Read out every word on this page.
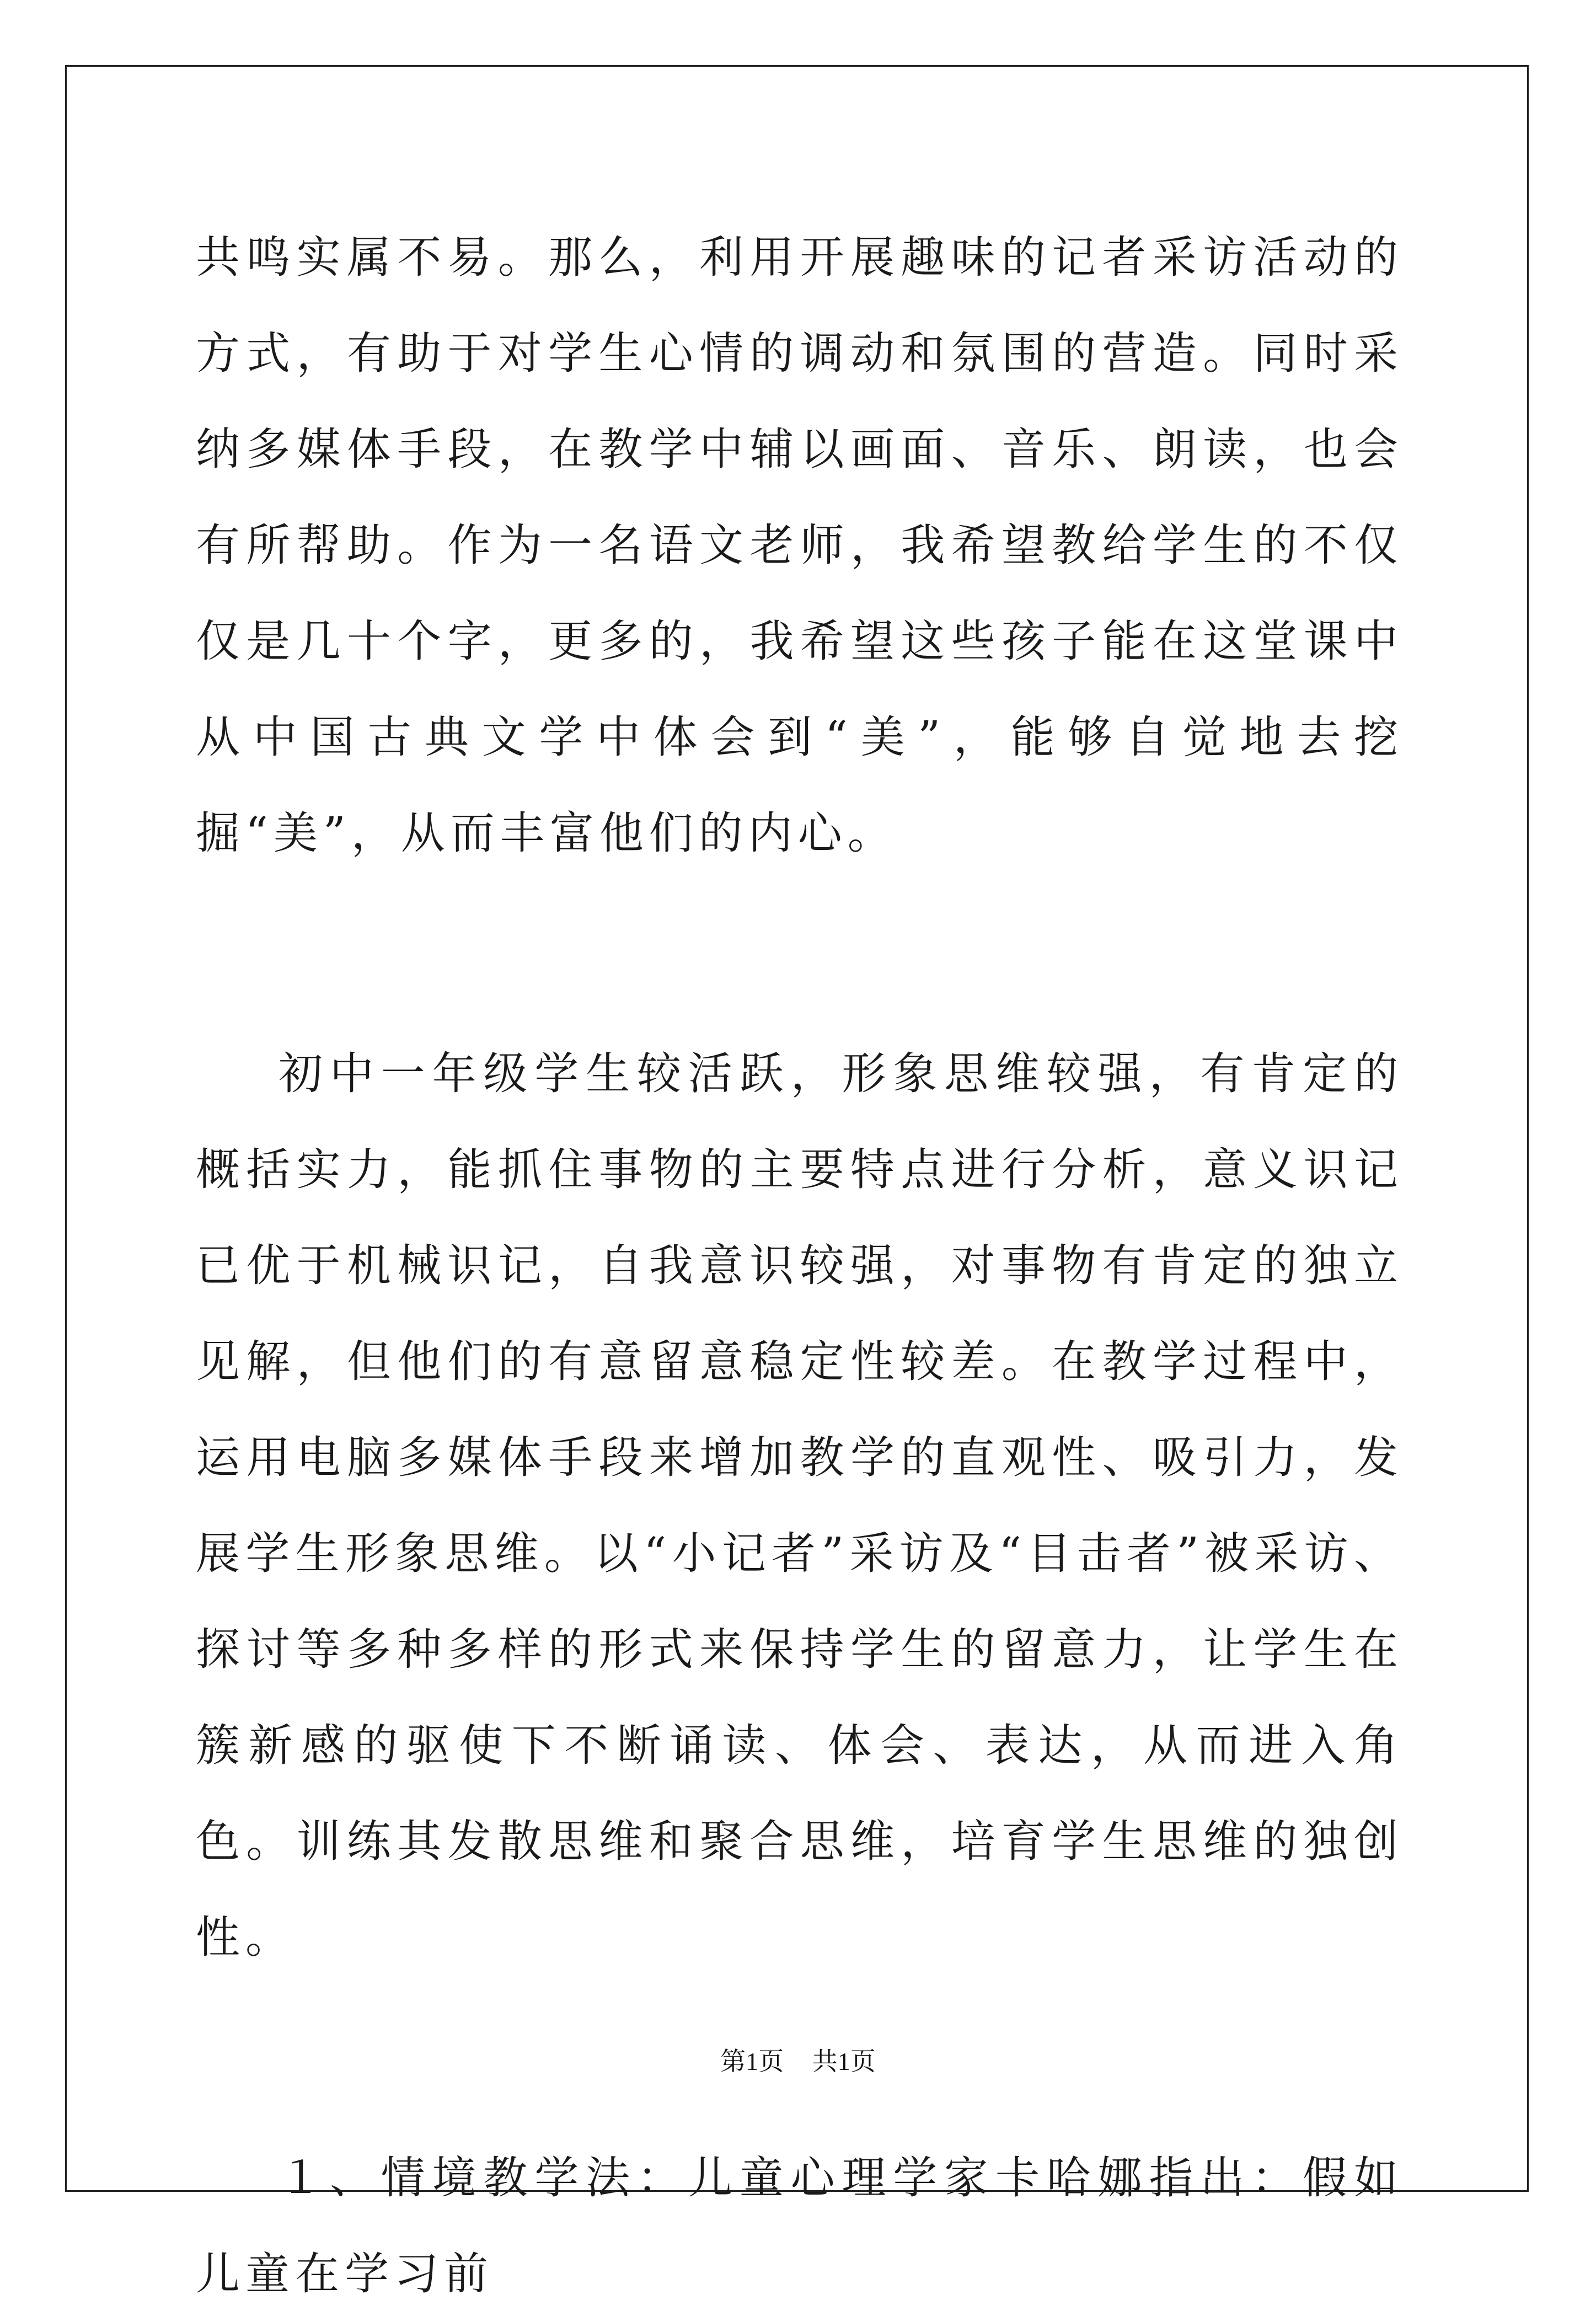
共鸣实属不易。那么，利用开展趣味的记者采访活动的方式，有助于对学生心情的调动和氛围的营造。同时采纳多媒体手段，在教学中辅以画面、音乐、朗读，也会有所帮助。作为一名语文老师，我希望教给学生的不仅仅是几十个字，更多的，我希望这些孩子能在这堂课中从中国古典文学中体会到“美”，能够自觉地去挖掘“美”，从而丰富他们的内心。

初中一年级学生较活跃，形象思维较强，有肯定的概括实力，能抓住事物的主要特点进行分析，意义识记已优于机械识记，自我意识较强，对事物有肯定的独立见解，但他们的有意留意稳定性较差。在教学过程中，运用电脑多媒体手段来增加教学的直观性、吸引力，发展学生形象思维。以“小记者”采访及“目击者”被采访、探讨等多种多样的形式来保持学生的留意力，让学生在簇新感的驱使下不断诵读、体会、表达，从而进入角色。训练其发散思维和聚合思维，培育学生思维的独创性。

１、情境教学法：儿童心理学家卡哈娜指出：假如儿童在学习前

第1页 共1页
